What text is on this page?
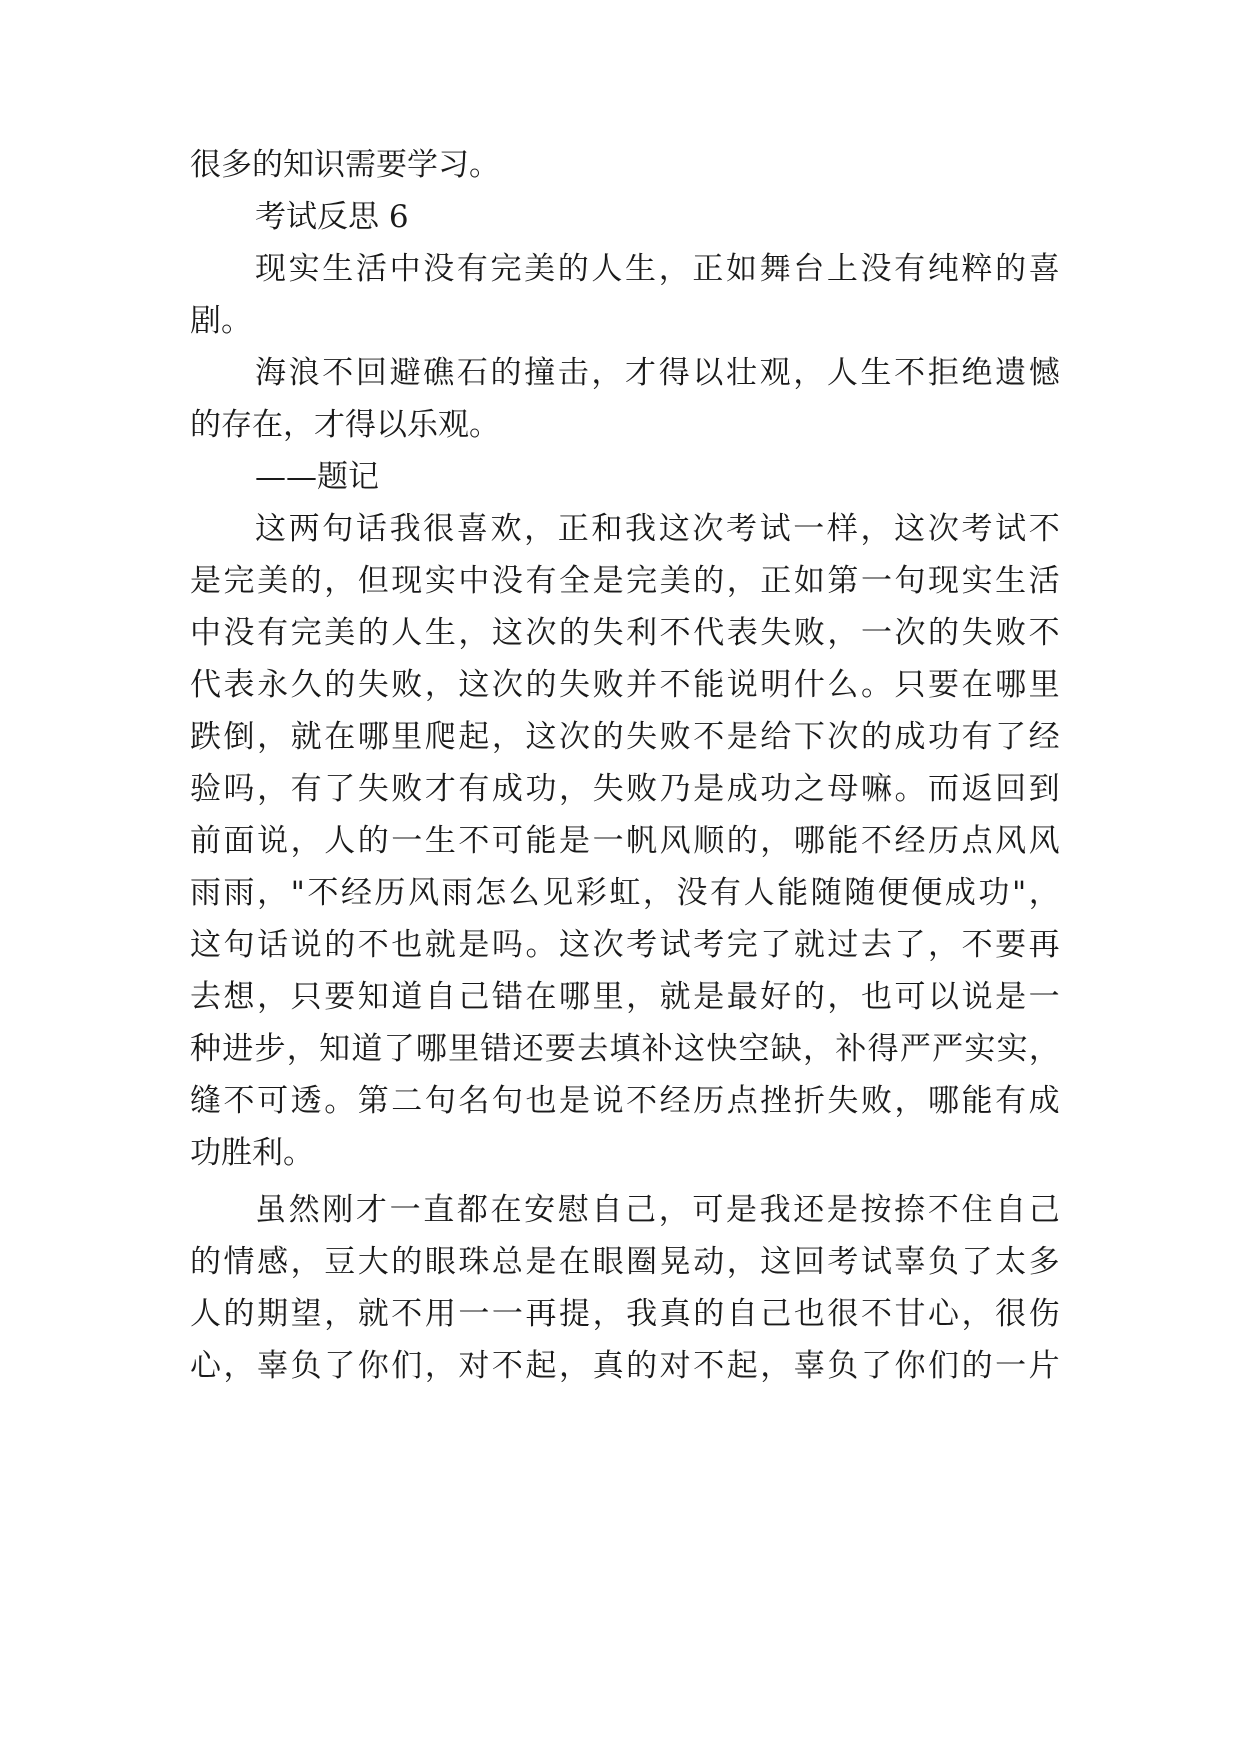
很多的知识需要学习。
考试反思 6
现 实 生 活 中 没 有 完 美 的 人 生 ， 正 如 舞 台 上 没 有 纯 粹 的 喜
剧。
海 浪 不 回 避 礁 石 的 撞 击 ， 才 得 以 壮 观 ， 人 生 不 拒 绝 遗 憾
的存在，才得以乐观。
——题记
这 两 句 话 我 很 喜 欢 ， 正 和 我 这 次 考 试 一 样 ， 这 次 考 试 不
是 完 美 的 ， 但 现 实 中 没 有 全 是 完 美 的 ， 正 如 第 一 句 现 实 生 活
中 没 有 完 美 的 人 生 ， 这 次 的 失 利 不 代 表 失 败 ， 一 次 的 失 败 不
代 表 永 久 的 失 败 ， 这 次 的 失 败 并 不 能 说 明 什 么 。 只 要 在 哪 里
跌 倒 ， 就 在 哪 里 爬 起 ， 这 次 的 失 败 不 是 给 下 次 的 成 功 有 了 经
验 吗 ， 有 了 失 败 才 有 成 功 ， 失 败 乃 是 成 功 之 母 嘛 。 而 返 回 到
前 面 说 ， 人 的 一 生 不 可 能 是 一 帆 风 顺 的 ， 哪 能 不 经 历 点 风 风
雨 雨 ， " 不 经 历 风 雨 怎 么 见 彩 虹 ， 没 有 人 能 随 随 便 便 成 功 " ，
这 句 话 说 的 不 也 就 是 吗 。 这 次 考 试 考 完 了 就 过 去 了 ， 不 要 再
去 想 ， 只 要 知 道 自 己 错 在 哪 里 ， 就 是 最 好 的 ， 也 可 以 说 是 一
种 进 步 ， 知 道 了 哪 里 错 还 要 去 填 补 这 快 空 缺 ， 补 得 严 严 实 实 ，
缝 不 可 透 。 第 二 句 名 句 也 是 说 不 经 历 点 挫 折 失 败 ， 哪 能 有 成
功胜利。
虽 然 刚 才 一 直 都 在 安 慰 自 己 ， 可 是 我 还 是 按 捺 不 住 自 己
的 情 感 ， 豆 大 的 眼 珠 总 是 在 眼 圈 晃 动 ， 这 回 考 试 辜 负 了 太 多
人 的 期 望 ， 就 不 用 一 一 再 提 ， 我 真 的 自 己 也 很 不 甘 心 ， 很 伤
心 ， 辜 负 了 你 们 ， 对 不 起 ， 真 的 对 不 起 ， 辜 负 了 你 们 的 一 片
